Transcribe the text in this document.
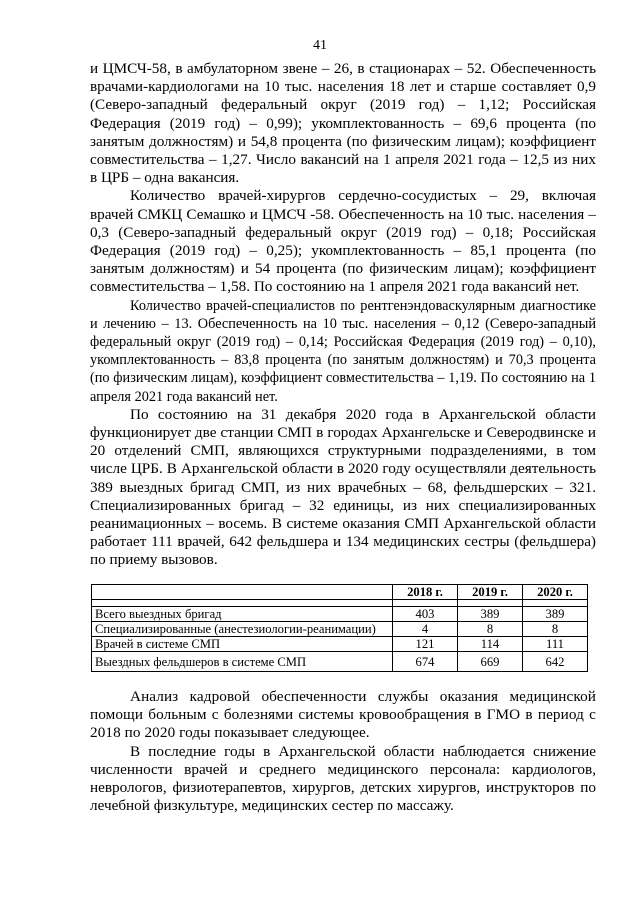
41

и ЦМСЧ-58, в амбулаторном звене – 26, в стационарах – 52. Обеспеченность врачами-кардиологами на 10 тыс. населения 18 лет и старше составляет 0,9 (Северо-западный федеральный округ (2019 год) – 1,12; Российская Федерация (2019 год) – 0,99); укомплектованность – 69,6 процента (по занятым должностям) и 54,8 процента (по физическим лицам); коэффициент совместительства – 1,27. Число вакансий на 1 апреля 2021 года – 12,5 из них в ЦРБ – одна вакансия.

Количество врачей-хирургов сердечно-сосудистых – 29, включая врачей СМКЦ Семашко и ЦМСЧ -58. Обеспеченность на 10 тыс. населения – 0,3 (Северо-западный федеральный округ (2019 год) – 0,18; Российская Федерация (2019 год) – 0,25); укомплектованность – 85,1 процента (по занятым должностям) и 54 процента (по физическим лицам); коэффициент совместительства – 1,58. По состоянию на 1 апреля 2021 года вакансий нет.

Количество врачей-специалистов по рентгенэндоваскулярным диагностике и лечению – 13. Обеспеченность на 10 тыс. населения – 0,12 (Северо-западный федеральный округ (2019 год) – 0,14; Российская Федерация (2019 год) – 0,10), укомплектованность – 83,8 процента (по занятым должностям) и 70,3 процента (по физическим лицам), коэффициент совместительства – 1,19. По состоянию на 1 апреля 2021 года вакансий нет.

По состоянию на 31 декабря 2020 года в Архангельской области функционирует две станции СМП в городах Архангельске и Северодвинске и 20 отделений СМП, являющихся структурными подразделениями, в том числе ЦРБ. В Архангельской области в 2020 году осуществляли деятельность 389 выездных бригад СМП, из них врачебных – 68, фельдшерских – 321. Специализированных бригад – 32 единицы, из них специализированных реанимационных – восемь. В системе оказания СМП Архангельской области работает 111 врачей, 642 фельдшера и 134 медицинских сестры (фельдшера) по приему вызовов.

	2018 г.	2019 г.	2020 г.

Всего выездных бригад	403	389	389
Специализированные (анестезиологии-реанимации)	4	8	8
Врачей в системе СМП	121	114	111
Выездных фельдшеров в системе СМП	674	669	642

Анализ кадровой обеспеченности службы оказания медицинской помощи больным с болезнями системы кровообращения в ГМО в период с 2018 по 2020 годы показывает следующее.

В последние годы в Архангельской области наблюдается снижение численности врачей и среднего медицинского персонала: кардиологов, неврологов, физиотерапевтов, хирургов, детских хирургов, инструкторов по лечебной физкультуре, медицинских сестер по массажу.
